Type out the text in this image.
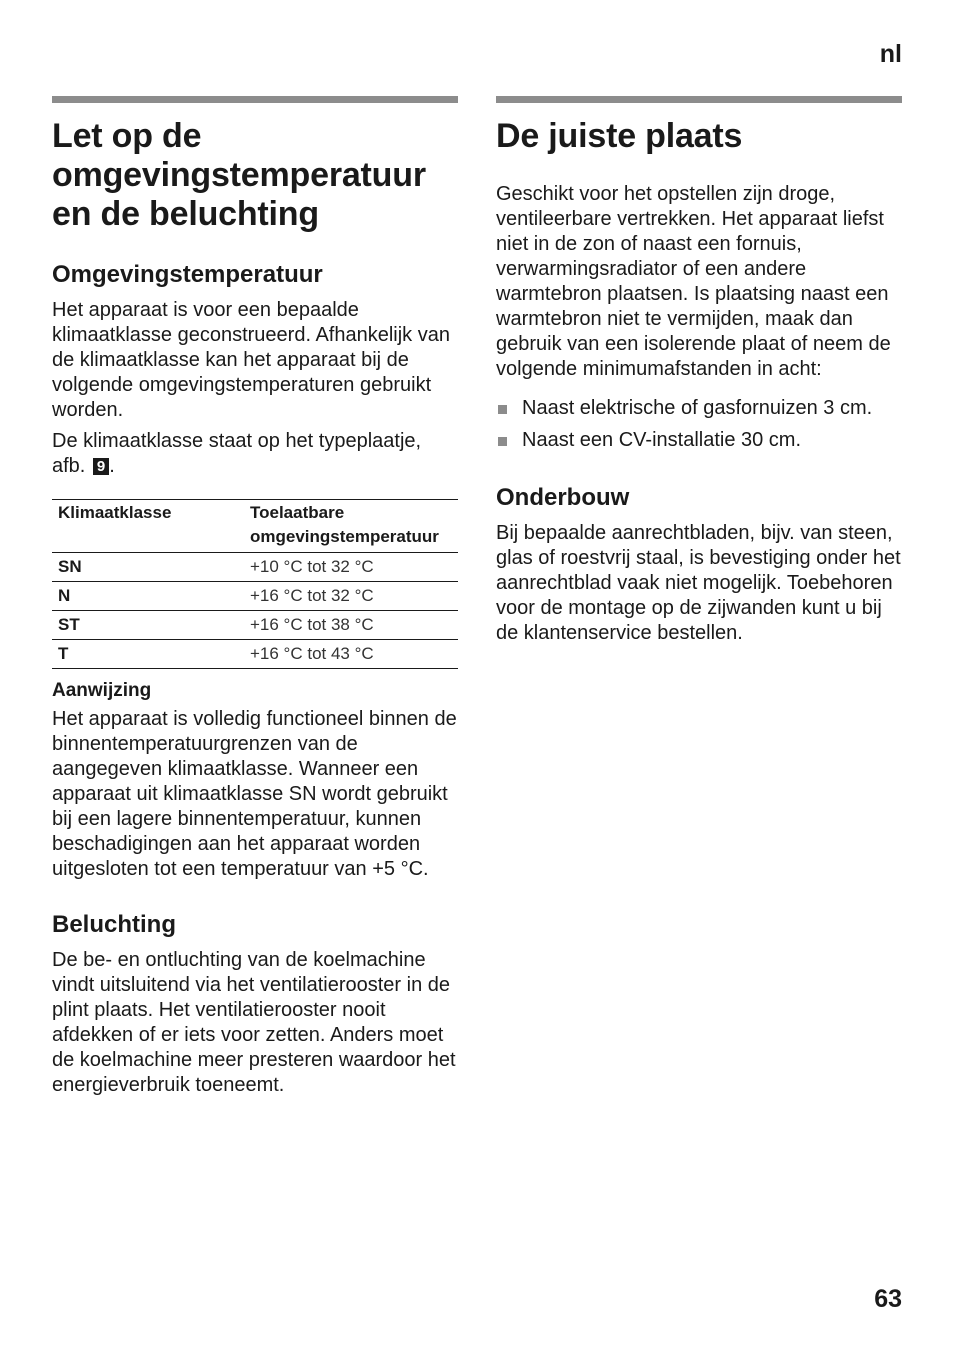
nl
Let op de omgevingstemperatuur en de beluchting
Omgevingstemperatuur

Het apparaat is voor een bepaalde klimaatklasse geconstrueerd. Afhankelijk van de klimaatklasse kan het apparaat bij de volgende omgevingstemperaturen gebruikt worden.

De klimaatklasse staat op het typeplaatje, afb. 9 .

Klimaatklasse	Toelaatbare omgevingstemperatuur
SN	+10 °C tot 32 °C
N	+16 °C tot 32 °C
ST	+16 °C tot 38 °C
T	+16 °C tot 43 °C
Aanwijzing

Het apparaat is volledig functioneel binnen de binnentemperatuurgrenzen van de aangegeven klimaatklasse. Wanneer een apparaat uit klimaatklasse SN wordt gebruikt bij een lagere binnentemperatuur, kunnen beschadigingen aan het apparaat worden uitgesloten tot een temperatuur van +5 °C.

Beluchting

De be- en ontluchting van de koelmachine vindt uitsluitend via het ventilatierooster in de plint plaats. Het ventilatierooster nooit afdekken of er iets voor zetten. Anders moet de koelmachine meer presteren waardoor het energieverbruik toeneemt.

De juiste plaats

Geschikt voor het opstellen zijn droge, ventileerbare vertrekken. Het apparaat liefst niet in de zon of naast een fornuis, verwarmingsradiator of een andere warmtebron plaatsen. Is plaatsing naast een warmtebron niet te vermijden, maak dan gebruik van een isolerende plaat of neem de volgende minimumafstanden in acht:

Naast elektrische of gasfornuizen 3 cm.
Naast een CV-installatie 30 cm.
Onderbouw

Bij bepaalde aanrechtbladen, bijv. van steen, glas of roestvrij staal, is bevestiging onder het aanrechtblad vaak niet mogelijk. Toebehoren voor de montage op de zijwanden kunt u bij de klantenservice bestellen.

63
